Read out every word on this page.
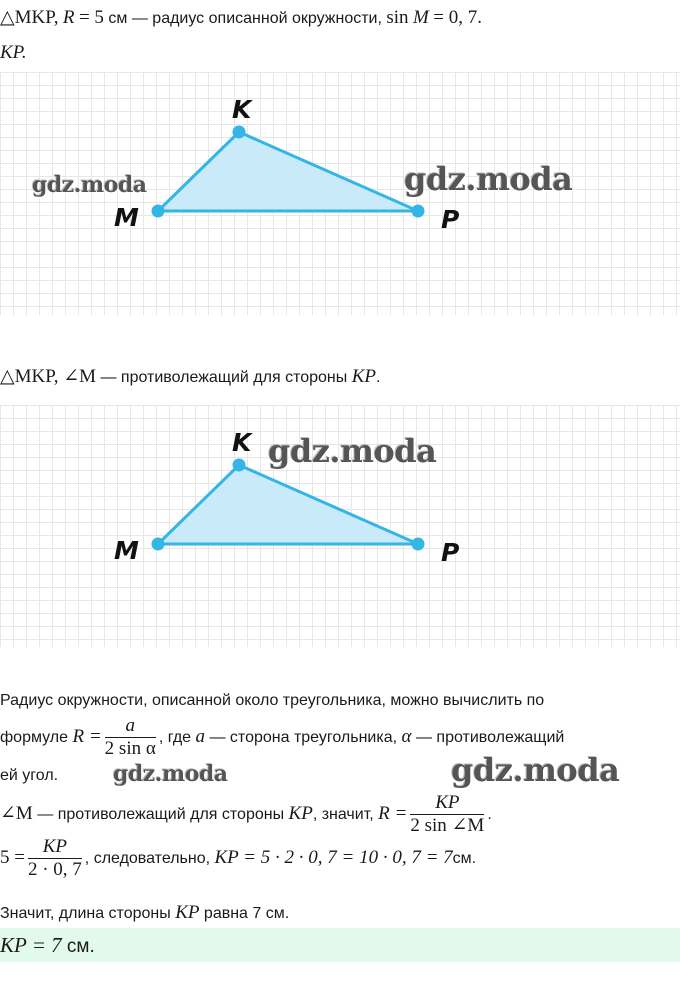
△MKP, R = 5 см — радиус описанной окружности, sin M = 0, 7.
KP.
K
M	P
gdz.moda	gdz.moda
△MKP, ∠M — противолежащий для стороны KP.
K
M	P
gdz.moda
Радиус окружности, описанной около треугольника, можно вычислить по
формуле $R = \frac{a}{\text{2 sin α}}$ , где a — сторона треугольника, α — противолежащий
ей угол. gdz.moda	gdz.moda
∠M — противолежащий для стороны KP, значит, $R = \frac{KP}{2 \sin \angle M}$ .
$5 = \frac{KP}{2 \cdot 0, 7}$ , следовательно, KP = 5 · 2 · 0, 7 = 10 · 0, 7 = 7см.
Значит, длина стороны KP равна 7 см.
KP = 7 см.
